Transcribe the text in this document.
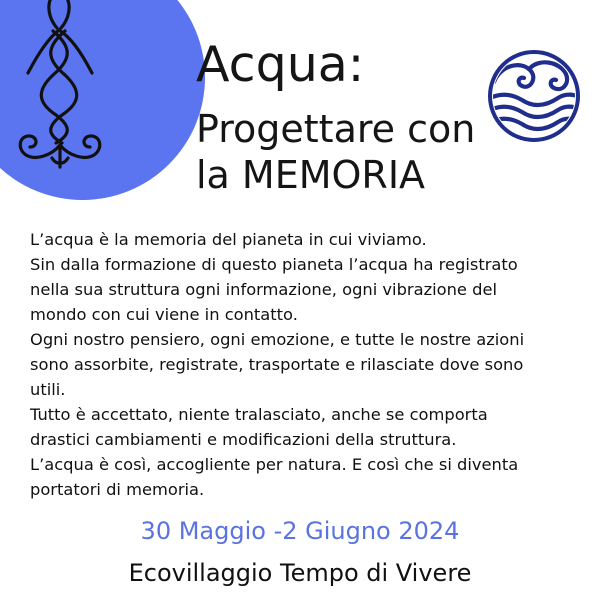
Acqua:
Progettare con
la MEMORIA
L’acqua è la memoria del pianeta in cui viviamo.
Sin dalla formazione di questo pianeta l’acqua ha registrato
nella sua struttura ogni informazione, ogni vibrazione del
mondo con cui viene in contatto.
Ogni nostro pensiero, ogni emozione, e tutte le nostre azioni
sono assorbite, registrate, trasportate e rilasciate dove sono
utili.
Tutto è accettato, niente tralasciato, anche se comporta
drastici cambiamenti e modificazioni della struttura.
L’acqua è così, accogliente per natura. E così che si diventa
portatori di memoria.
30 Maggio -2 Giugno 2024
Ecovillaggio Tempo di Vivere
